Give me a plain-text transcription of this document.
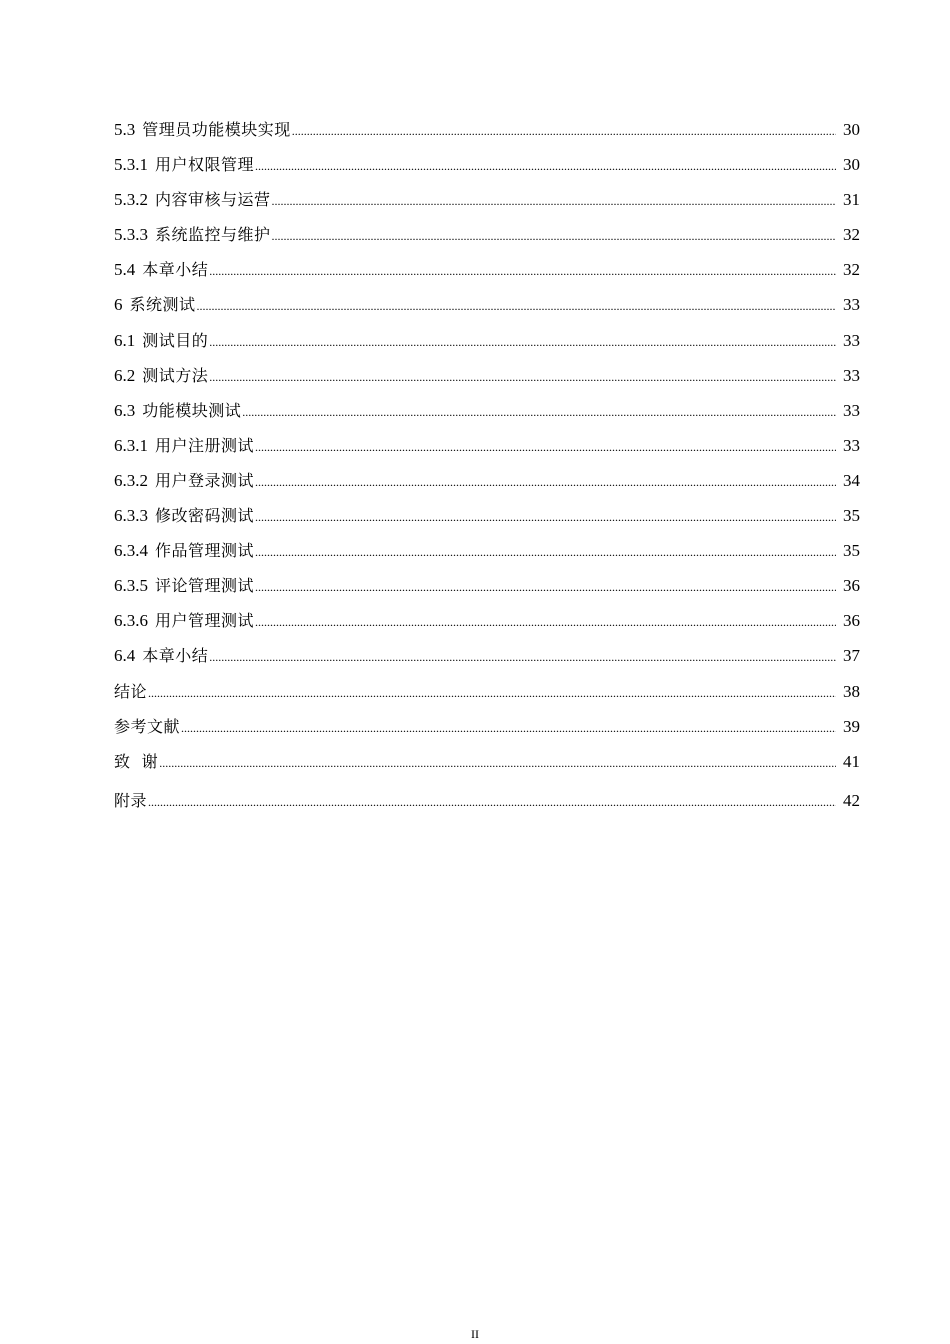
5.3 管理员功能模块实现 .....	30
5.3.1 用户权限管理 .....	30
5.3.2 内容审核与运营 .....	31
5.3.3 系统监控与维护 .....	32
5.4 本章小结 .....	32
6 系统测试 .....	33
6.1 测试目的 .....	33
6.2 测试方法 .....	33
6.3 功能模块测试 .....	33
6.3.1 用户注册测试 .....	33
6.3.2 用户登录测试 .....	34
6.3.3 修改密码测试 .....	35
6.3.4 作品管理测试 .....	35
6.3.5 评论管理测试 .....	36
6.3.6 用户管理测试 .....	36
6.4 本章小结 .....	37
结论 .....	38
参考文献 .....	39
致  谢 .....	41
附录 .....	42
II
